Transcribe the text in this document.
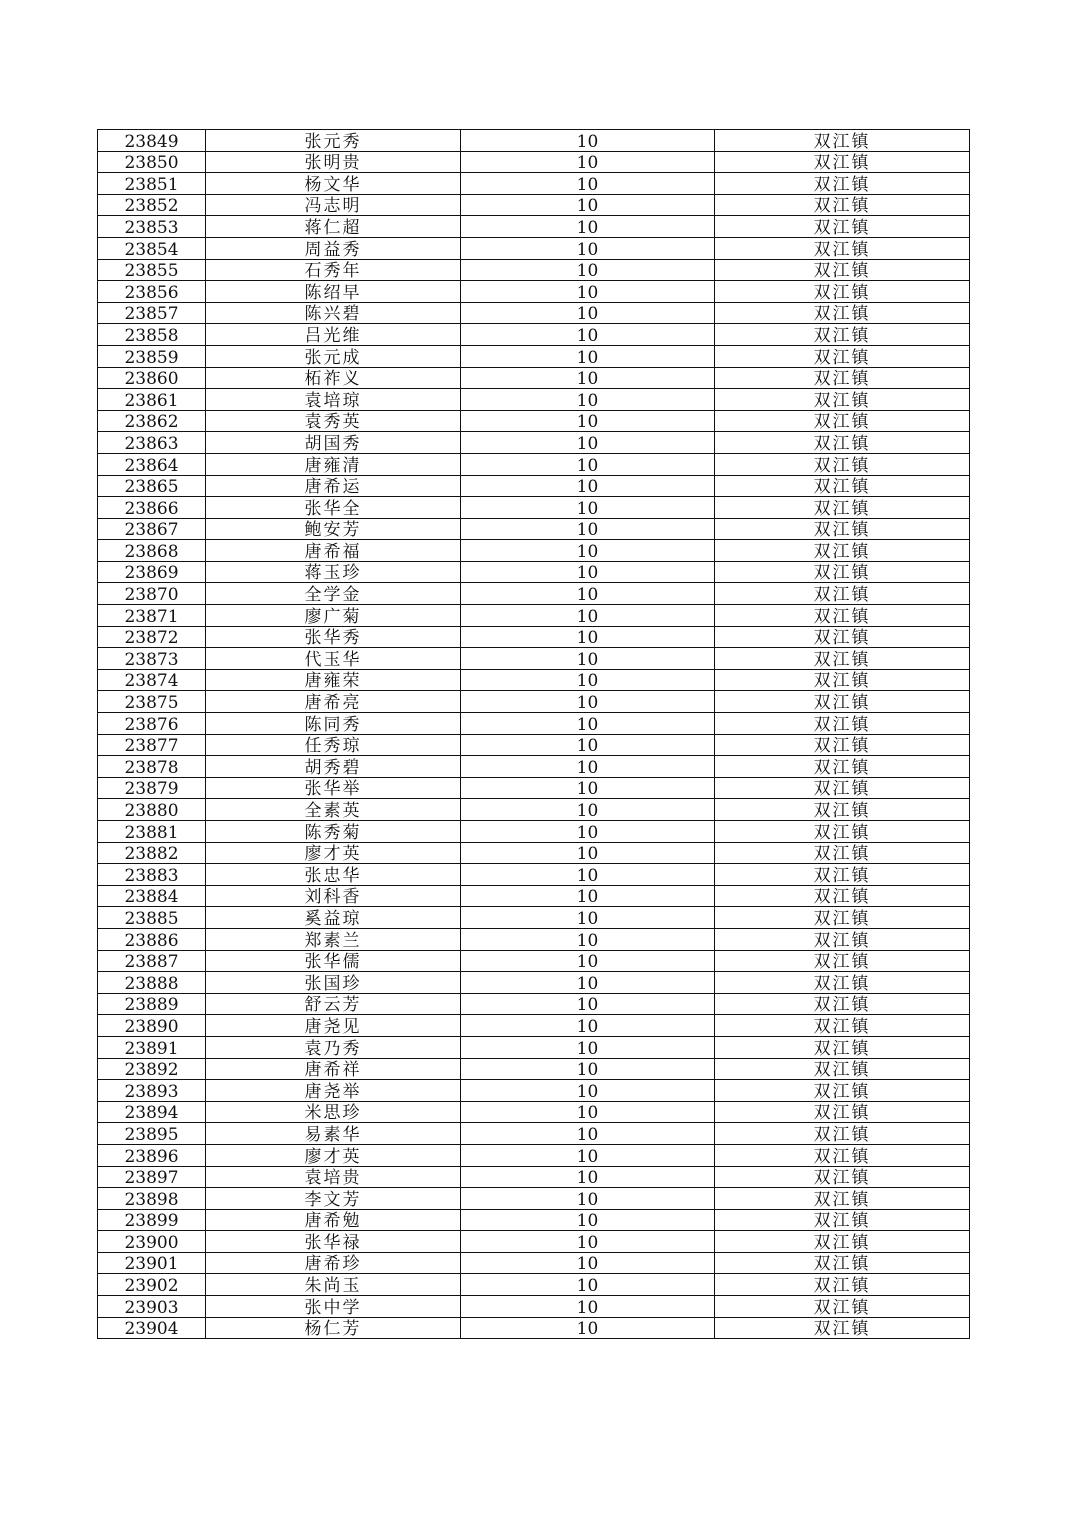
23849	张元秀	10	双江镇
23850	张明贵	10	双江镇
23851	杨文华	10	双江镇
23852	冯志明	10	双江镇
23853	蒋仁超	10	双江镇
23854	周益秀	10	双江镇
23855	石秀年	10	双江镇
23856	陈绍早	10	双江镇
23857	陈兴碧	10	双江镇
23858	吕光维	10	双江镇
23859	张元成	10	双江镇
23860	柘祚义	10	双江镇
23861	袁培琼	10	双江镇
23862	袁秀英	10	双江镇
23863	胡国秀	10	双江镇
23864	唐雍清	10	双江镇
23865	唐希运	10	双江镇
23866	张华全	10	双江镇
23867	鲍安芳	10	双江镇
23868	唐希福	10	双江镇
23869	蒋玉珍	10	双江镇
23870	全学金	10	双江镇
23871	廖广菊	10	双江镇
23872	张华秀	10	双江镇
23873	代玉华	10	双江镇
23874	唐雍荣	10	双江镇
23875	唐希亮	10	双江镇
23876	陈同秀	10	双江镇
23877	任秀琼	10	双江镇
23878	胡秀碧	10	双江镇
23879	张华举	10	双江镇
23880	全素英	10	双江镇
23881	陈秀菊	10	双江镇
23882	廖才英	10	双江镇
23883	张忠华	10	双江镇
23884	刘科香	10	双江镇
23885	奚益琼	10	双江镇
23886	郑素兰	10	双江镇
23887	张华儒	10	双江镇
23888	张国珍	10	双江镇
23889	舒云芳	10	双江镇
23890	唐尧见	10	双江镇
23891	袁乃秀	10	双江镇
23892	唐希祥	10	双江镇
23893	唐尧举	10	双江镇
23894	米思珍	10	双江镇
23895	易素华	10	双江镇
23896	廖才英	10	双江镇
23897	袁培贵	10	双江镇
23898	李文芳	10	双江镇
23899	唐希勉	10	双江镇
23900	张华禄	10	双江镇
23901	唐希珍	10	双江镇
23902	朱尚玉	10	双江镇
23903	张中学	10	双江镇
23904	杨仁芳	10	双江镇
